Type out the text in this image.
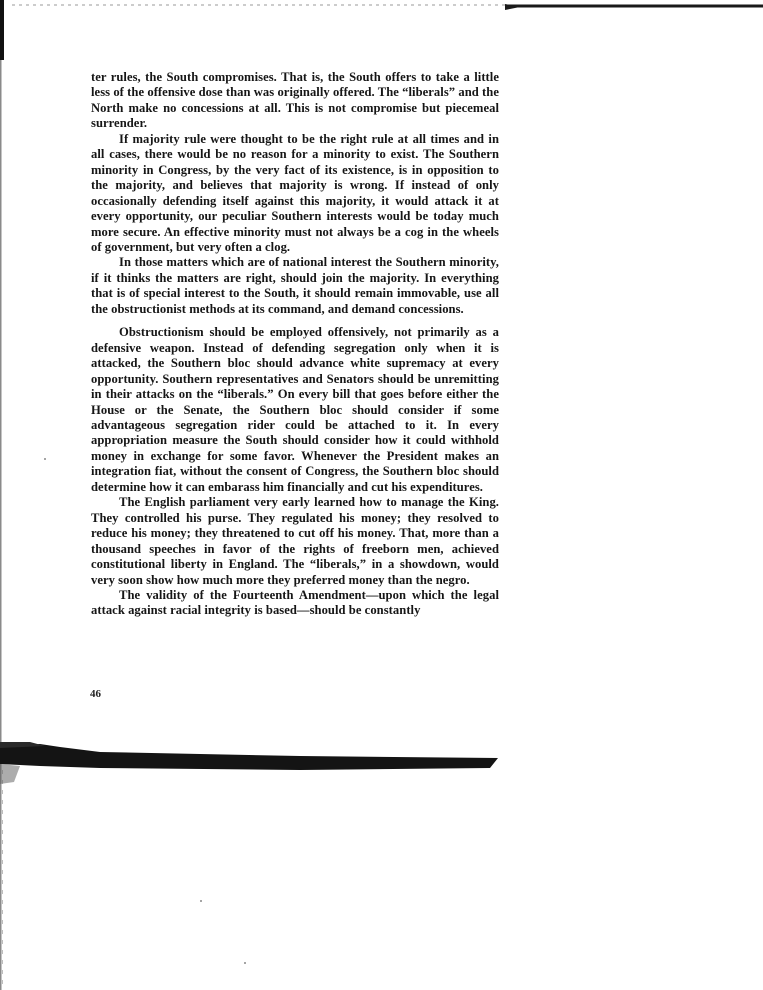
ter rules, the South compromises. That is, the South offers to take a little less of the offensive dose than was originally offered. The “liberals” and the North make no concessions at all. This is not compromise but piecemeal surrender.

If majority rule were thought to be the right rule at all times and in all cases, there would be no reason for a minority to exist. The Southern minority in Congress, by the very fact of its existence, is in opposition to the majority, and believes that majority is wrong. If instead of only occasionally defending itself against this majority, it would attack it at every opportunity, our peculiar Southern interests would be today much more secure. An effective minority must not always be a cog in the wheels of government, but very often a clog.

In those matters which are of national interest the Southern minority, if it thinks the matters are right, should join the majority. In everything that is of special interest to the South, it should remain immovable, use all the obstructionist methods at its command, and demand concessions.

Obstructionism should be employed offensively, not primarily as a defensive weapon. Instead of defending segregation only when it is attacked, the Southern bloc should advance white supremacy at every opportunity. Southern representatives and Senators should be unremitting in their attacks on the “liberals.” On every bill that goes before either the House or the Senate, the Southern bloc should consider if some advantageous segregation rider could be attached to it. In every appropriation measure the South should consider how it could withhold money in exchange for some favor. Whenever the President makes an integration fiat, without the consent of Congress, the Southern bloc should determine how it can embarass him financially and cut his expenditures.

The English parliament very early learned how to manage the King. They controlled his purse. They regulated his money; they resolved to reduce his money; they threatened to cut off his money. That, more than a thousand speeches in favor of the rights of freeborn men, achieved constitutional liberty in England. The “liberals,” in a showdown, would very soon show how much more they preferred money than the negro.

The validity of the Fourteenth Amendment—upon which the legal attack against racial integrity is based—should be constantly

46
